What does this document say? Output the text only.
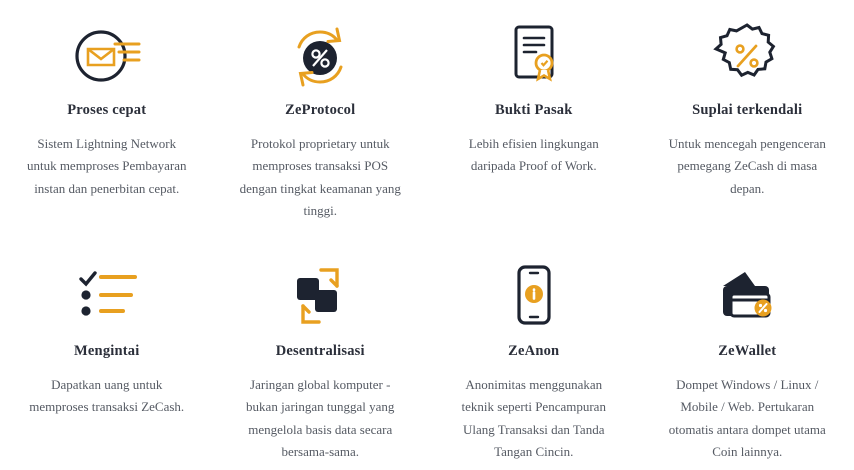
Proses cepat
Sistem Lightning Network untuk memproses Pembayaran instan dan penerbitan cepat.
ZeProtocol
Protokol proprietary untuk memproses transaksi POS dengan tingkat keamanan yang tinggi.
Bukti Pasak
Lebih efisien lingkungan daripada Proof of Work.
Suplai terkendali
Untuk mencegah pengenceran pemegang ZeCash di masa depan.
Mengintai
Dapatkan uang untuk memproses transaksi ZeCash.
Desentralisasi
Jaringan global komputer - bukan jaringan tunggal yang mengelola basis data secara bersama-sama.
ZeAnon
Anonimitas menggunakan teknik seperti Pencampuran Ulang Transaksi dan Tanda Tangan Cincin.
ZeWallet
Dompet Windows / Linux / Mobile / Web. Pertukaran otomatis antara dompet utama Coin lainnya.
